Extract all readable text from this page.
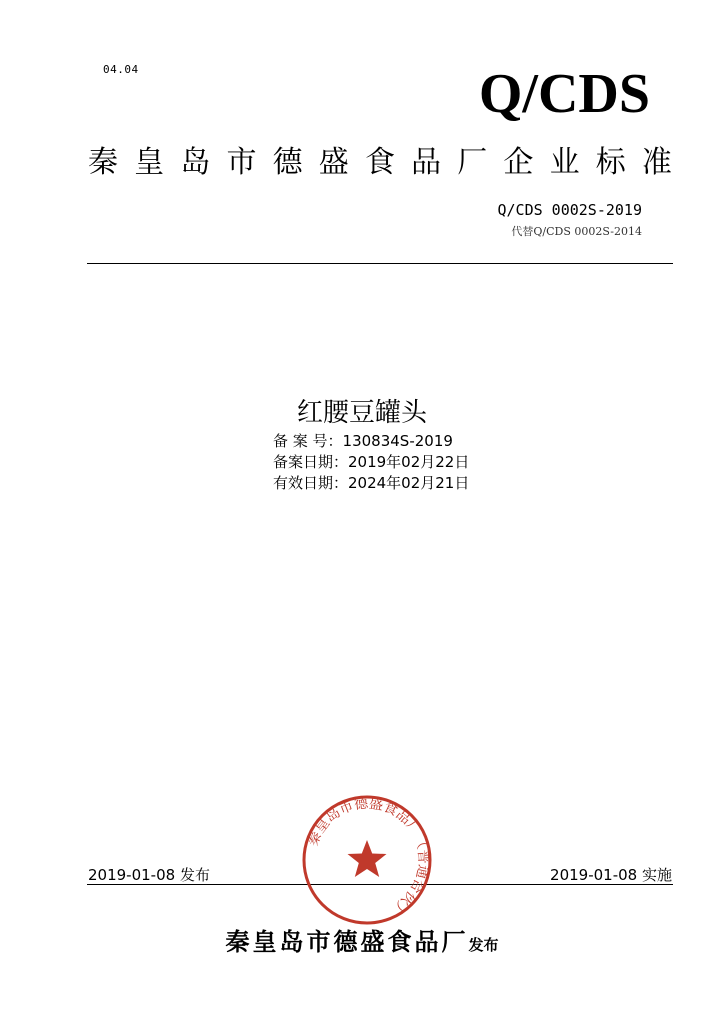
04.04	Q/CDS
秦 皇 岛 市 德 盛 食 品 厂 企 业 标 准
Q/CDS 0002S-2019
代替Q/CDS 0002S-2014
红腰豆罐头
备 案 号：130834S-2019
备案日期：2019年02月22日
有效日期：2024年02月21日
2019-01-08 发布	2019-01-08 实施
秦皇岛市德盛食品厂发布
秦皇岛市德盛食品厂（普通合伙）
